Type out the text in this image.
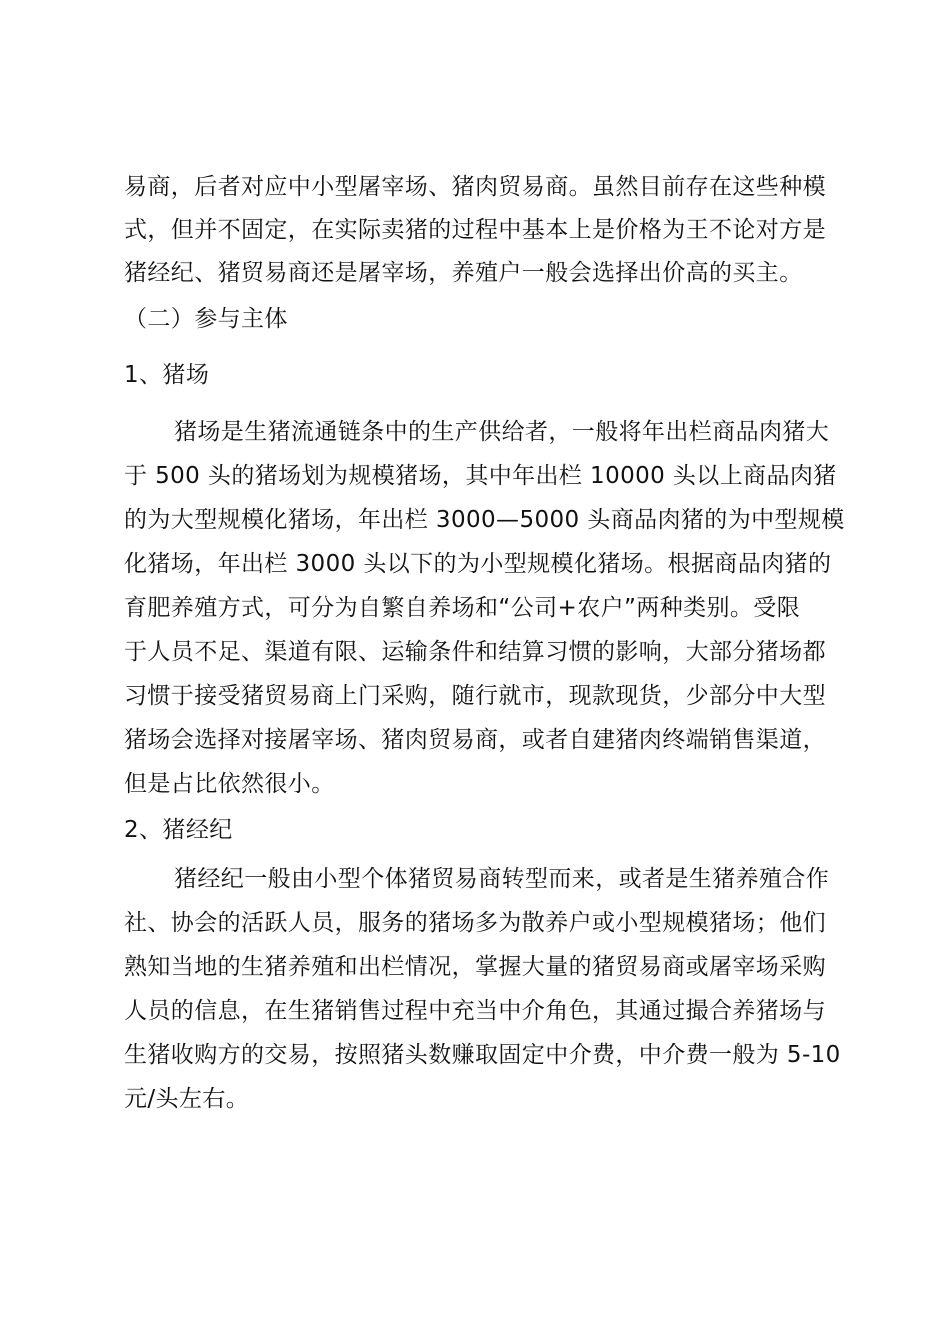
易商，后者对应中小型屠宰场、猪肉贸易商。虽然目前存在这些种模
式，但并不固定，在实际卖猪的过程中基本上是价格为王不论对方是
猪经纪、猪贸易商还是屠宰场，养殖户一般会选择出价高的买主。
（二）参与主体
1、猪场
猪场是生猪流通链条中的生产供给者，一般将年出栏商品肉猪大
于 500 头的猪场划为规模猪场，其中年出栏 10000 头以上商品肉猪
的为大型规模化猪场，年出栏 3000—5000 头商品肉猪的为中型规模
化猪场，年出栏 3000 头以下的为小型规模化猪场。根据商品肉猪的
育肥养殖方式，可分为自繁自养场和“公司+农户”两种类别。受限
于人员不足、渠道有限、运输条件和结算习惯的影响，大部分猪场都
习惯于接受猪贸易商上门采购，随行就市，现款现货，少部分中大型
猪场会选择对接屠宰场、猪肉贸易商，或者自建猪肉终端销售渠道，
但是占比依然很小。
2、猪经纪
猪经纪一般由小型个体猪贸易商转型而来，或者是生猪养殖合作
社、协会的活跃人员，服务的猪场多为散养户或小型规模猪场；他们
熟知当地的生猪养殖和出栏情况，掌握大量的猪贸易商或屠宰场采购
人员的信息，在生猪销售过程中充当中介角色，其通过撮合养猪场与
生猪收购方的交易，按照猪头数赚取固定中介费，中介费一般为 5-10
元/头左右。
